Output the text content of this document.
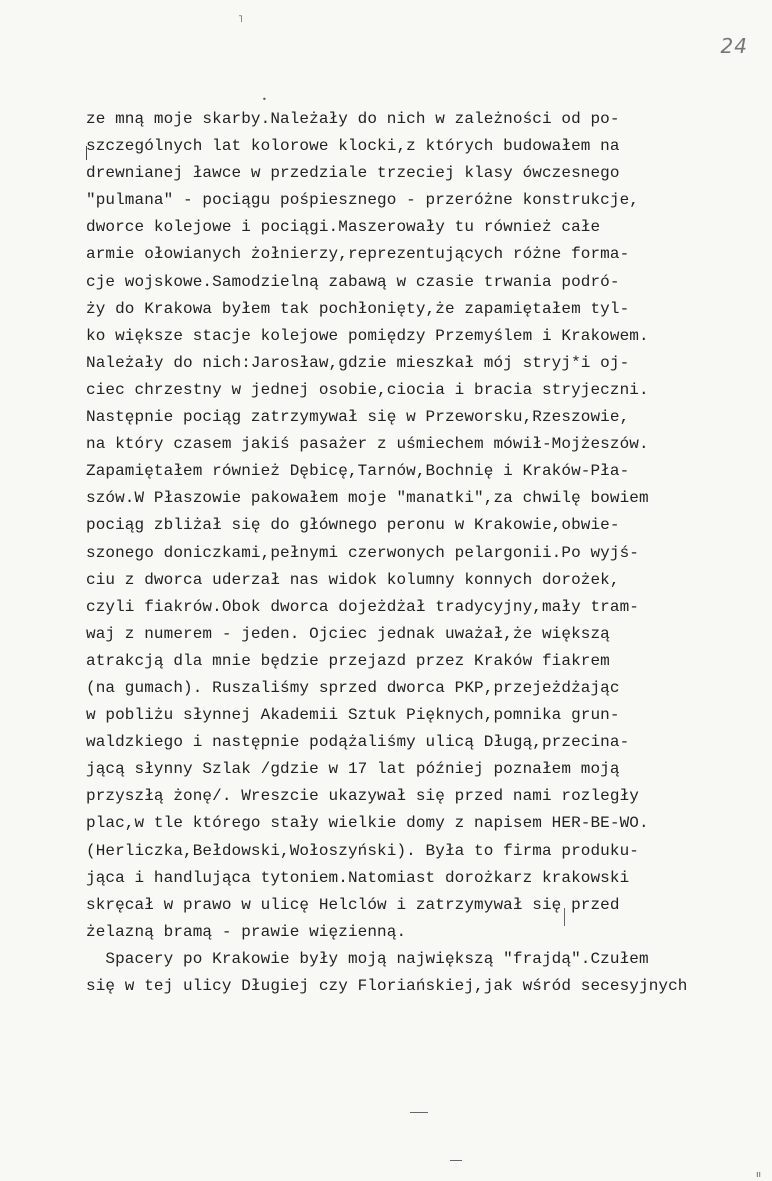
24
˥
•
ıı
ze mną moje skarby.Należały do nich w zależności od po-
szczególnych lat kolorowe klocki,z których budowałem na
drewnianej ławce w przedziale trzeciej klasy ówczesnego
"pulmana" - pociągu pośpiesznego - przeróżne konstrukcje,
dworce kolejowe i pociągi.Maszerowały tu również całe
armie ołowianych żołnierzy,reprezentujących różne forma-
cje wojskowe.Samodzielną zabawą w czasie trwania podró-
ży do Krakowa byłem tak pochłonięty,że zapamiętałem tyl-
ko większe stacje kolejowe pomiędzy Przemyślem i Krakowem.
Należały do nich:Jarosław,gdzie mieszkał mój stryj*i oj-
ciec chrzestny w jednej osobie,ciocia i bracia stryjeczni.
Następnie pociąg zatrzymywał się w Przeworsku,Rzeszowie,
na który czasem jakiś pasażer z uśmiechem mówił-Mojżeszów.
Zapamiętałem również Dębicę,Tarnów,Bochnię i Kraków-Pła-
szów.W Płaszowie pakowałem moje "manatki",za chwilę bowiem
pociąg zbliżał się do głównego peronu w Krakowie,obwie-
szonego doniczkami,pełnymi czerwonych pelargonii.Po wyjś-
ciu z dworca uderzał nas widok kolumny konnych dorożek,
czyli fiakrów.Obok dworca dojeżdżał tradycyjny,mały tram-
waj z numerem - jeden. Ojciec jednak uważał,że większą
atrakcją dla mnie będzie przejazd przez Kraków fiakrem
(na gumach). Ruszaliśmy sprzed dworca PKP,przejeżdżając
w pobliżu słynnej Akademii Sztuk Pięknych,pomnika grun-
waldzkiego i następnie podążaliśmy ulicą Długą,przecina-
jącą słynny Szlak /gdzie w 17 lat później poznałem moją
przyszłą żonę/. Wreszcie ukazywał się przed nami rozległy
plac,w tle którego stały wielkie domy z napisem HER-BE-WO.
(Herliczka,Bełdowski,Wołoszyński). Była to firma produku-
jąca i handlująca tytoniem.Natomiast dorożkarz krakowski
skręcał w prawo w ulicę Helclów i zatrzymywał się przed
żelazną bramą - prawie więzienną.
Spacery po Krakowie były moją największą "frajdą".Czułem
się w tej ulicy Długiej czy Floriańskiej,jak wśród secesyjnych
